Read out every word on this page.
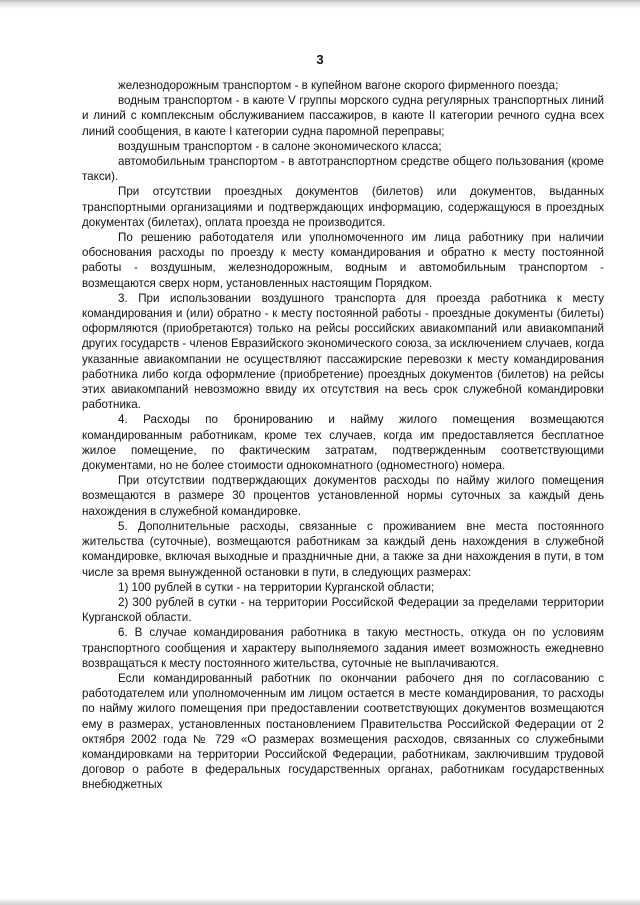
3

железнодорожным транспортом - в купейном вагоне скорого фирменного поезда;

водным транспортом - в каюте V группы морского судна регулярных транспортных линий и линий с комплексным обслуживанием пассажиров, в каюте II категории речного судна всех линий сообщения, в каюте I категории судна паромной переправы;

воздушным транспортом - в салоне экономического класса;

автомобильным транспортом - в автотранспортном средстве общего пользования (кроме такси).

При отсутствии проездных документов (билетов) или документов, выданных транспортными организациями и подтверждающих информацию, содержащуюся в проездных документах (билетах), оплата проезда не производится.

По решению работодателя или уполномоченного им лица работнику при наличии обоснования расходы по проезду к месту командирования и обратно к месту постоянной работы - воздушным, железнодорожным, водным и автомобильным транспортом - возмещаются сверх норм, установленных настоящим Порядком.

3. При использовании воздушного транспорта для проезда работника к месту командирования и (или) обратно - к месту постоянной работы - проездные документы (билеты) оформляются (приобретаются) только на рейсы российских авиакомпаний или авиакомпаний других государств - членов Евразийского экономического союза, за исключением случаев, когда указанные авиакомпании не осуществляют пассажирские перевозки к месту командирования работника либо когда оформление (приобретение) проездных документов (билетов) на рейсы этих авиакомпаний невозможно ввиду их отсутствия на весь срок служебной командировки работника.

4. Расходы по бронированию и найму жилого помещения возмещаются командированным работникам, кроме тех случаев, когда им предоставляется бесплатное жилое помещение, по фактическим затратам, подтвержденным соответствующими документами, но не более стоимости однокомнатного (одноместного) номера.

При отсутствии подтверждающих документов расходы по найму жилого помещения возмещаются в размере 30 процентов установленной нормы суточных за каждый день нахождения в служебной командировке.

5. Дополнительные расходы, связанные с проживанием вне места постоянного жительства (суточные), возмещаются работникам за каждый день нахождения в служебной командировке, включая выходные и праздничные дни, а также за дни нахождения в пути, в том числе за время вынужденной остановки в пути, в следующих размерах:

1) 100 рублей в сутки - на территории Курганской области;

2) 300 рублей в сутки - на территории Российской Федерации за пределами территории Курганской области.

6. В случае командирования работника в такую местность, откуда он по условиям транспортного сообщения и характеру выполняемого задания имеет возможность ежедневно возвращаться к месту постоянного жительства, суточные не выплачиваются.

Если командированный работник по окончании рабочего дня по согласованию с работодателем или уполномоченным им лицом остается в месте командирования, то расходы по найму жилого помещения при предоставлении соответствующих документов возмещаются ему в размерах, установленных постановлением Правительства Российской Федерации от 2 октября 2002 года № 729 «О размерах возмещения расходов, связанных со служебными командировками на территории Российской Федерации, работникам, заключившим трудовой договор о работе в федеральных государственных органах, работникам государственных внебюджетных
